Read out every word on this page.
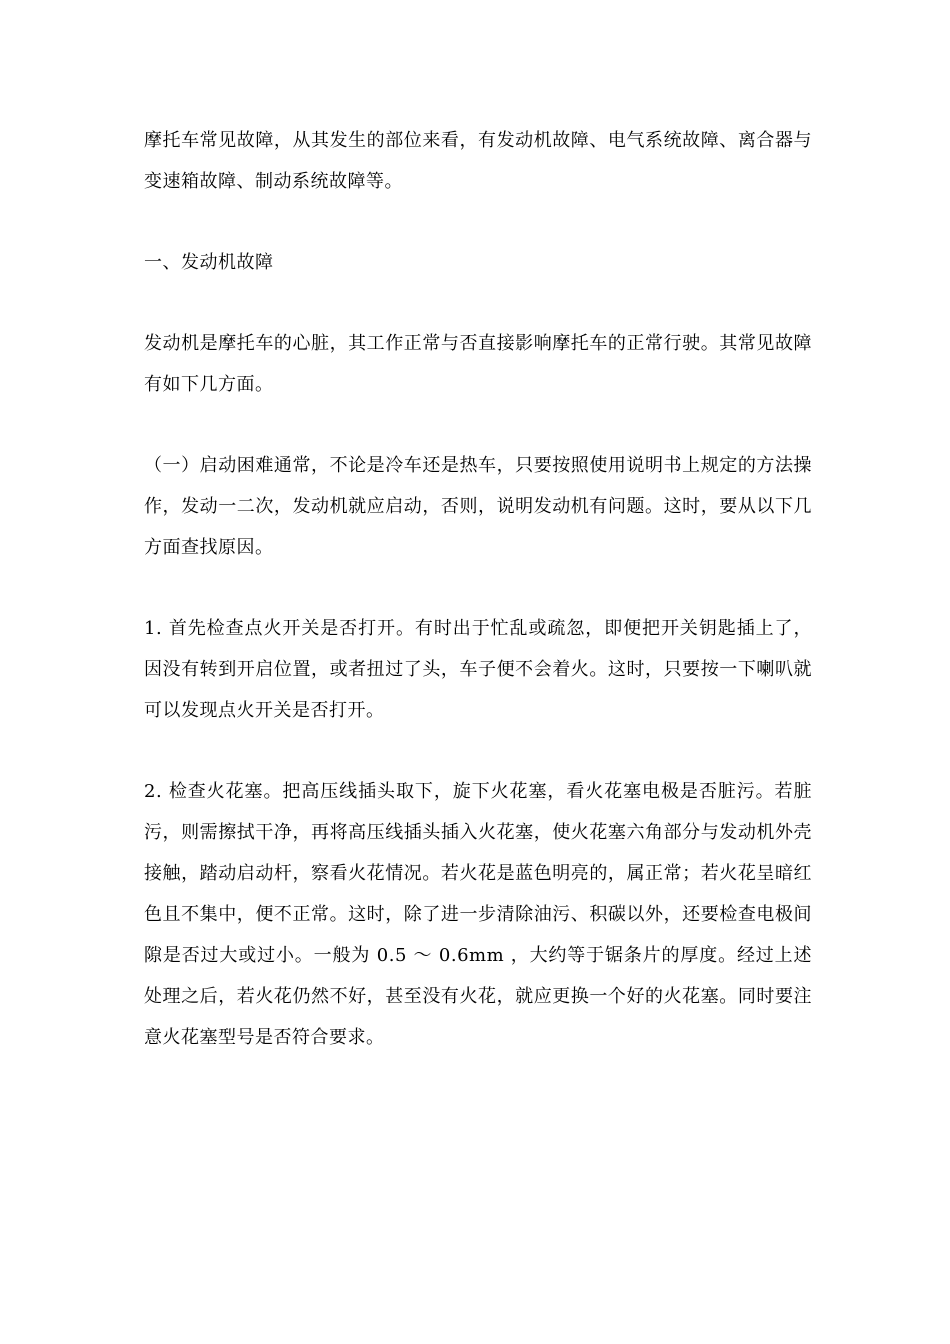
摩托车常见故障，从其发生的部位来看，有发动机故障、电气系统故障、离合器与变速箱故障、制动系统故障等。

一、发动机故障

发动机是摩托车的心脏，其工作正常与否直接影响摩托车的正常行驶。其常见故障有如下几方面。

（一）启动困难通常，不论是冷车还是热车，只要按照使用说明书上规定的方法操作，发动一二次，发动机就应启动，否则，说明发动机有问题。这时，要从以下几方面查找原因。

1. 首先检查点火开关是否打开。有时出于忙乱或疏忽，即便把开关钥匙插上了，因没有转到开启位置，或者扭过了头，车子便不会着火。这时，只要按一下喇叭就可以发现点火开关是否打开。

2. 检查火花塞。把高压线插头取下，旋下火花塞，看火花塞电极是否脏污。若脏污，则需擦拭干净，再将高压线插头插入火花塞，使火花塞六角部分与发动机外壳接触，踏动启动杆，察看火花情况。若火花是蓝色明亮的，属正常；若火花呈暗红色且不集中，便不正常。这时，除了进一步清除油污、积碳以外，还要检查电极间隙是否过大或过小。一般为 0.5 ～ 0.6mm ，大约等于锯条片的厚度。经过上述处理之后，若火花仍然不好，甚至没有火花，就应更换一个好的火花塞。同时要注意火花塞型号是否符合要求。
